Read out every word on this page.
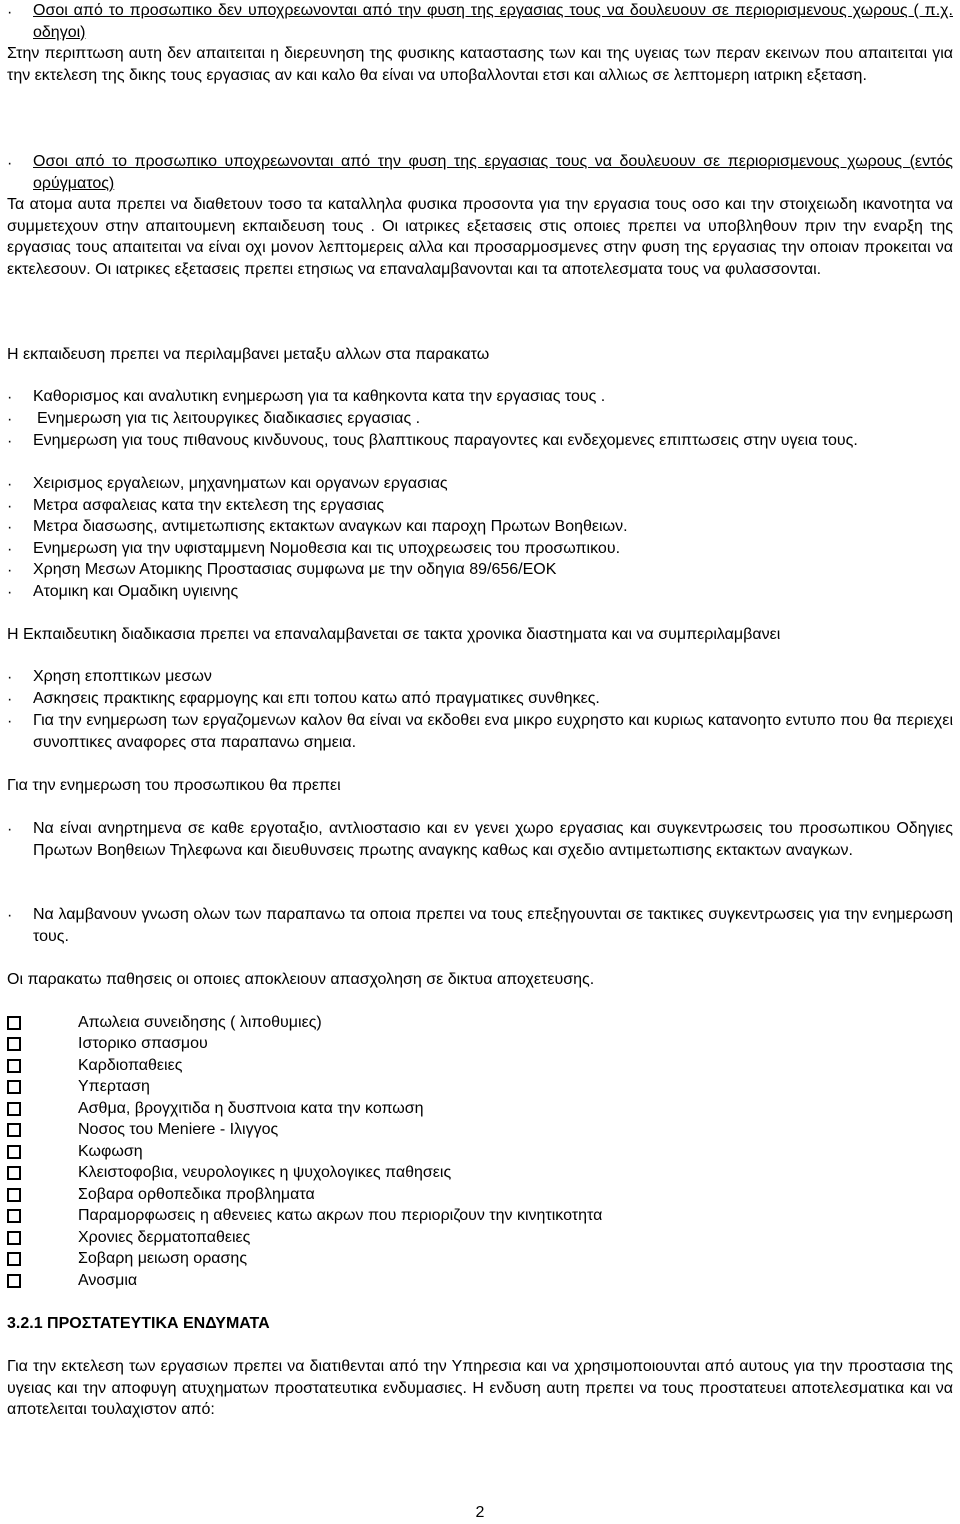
· Οσοι από το προσωπικο δεν υποχρεωνονται από την φυση της εργασιας τους να δουλευουν σε περιορισμενους χωρους ( π.χ. οδηγοι)

Στην περιπτωση αυτη δεν απαιτειται η διερευνηση της φυσικης καταστασης των και της υγειας των περαν εκεινων που απαιτειται για την εκτελεση της δικης τους εργασιας αν και καλο θα είναι να υποβαλλονται ετσι και αλλιως σε λεπτομερη ιατρικη εξεταση.

· Οσοι από το προσωπικο υποχρεωνονται από την φυση της εργασιας τους να δουλευουν σε περιορισμενους χωρους (εντός ορύγματος)

Τα ατομα αυτα πρεπει να διαθετουν τοσο τα καταλληλα φυσικα προσοντα για την εργασια τους οσο και την στοιχειωδη ικανοτητα να συμμετεχουν στην απαιτουμενη εκπαιδευση τους . Οι ιατρικες εξετασεις στις οποιες πρεπει να υποβληθουν πριν την εναρξη της εργασιας τους απαιτειται να είναι οχι μονον λεπτομερεις αλλα και προσαρμοσμενες στην φυση της εργασιας την οποιαν προκειται να εκτελεσουν. Οι ιατρικες εξετασεις πρεπει ετησιως να επαναλαμβανονται και τα αποτελεσματα τους να φυλασσονται.

Η εκπαιδευση πρεπει να περιλαμβανει μεταξυ αλλων στα παρακατω

· Καθορισμος και αναλυτικη ενημερωση για τα καθηκοντα κατα την εργασιας τους .

· Ενημερωση για τις λειτουργικες διαδικασιες εργασιας .

· Ενημερωση για τους πιθανους κινδυνους, τους βλαπτικους παραγοντες και ενδεχομενες επιπτωσεις στην υγεια τους.

· Χειρισμος εργαλειων, μηχανηματων και οργανων εργασιας

· Μετρα ασφαλειας κατα την εκτελεση της εργασιας

· Μετρα διασωσης, αντιμετωπισης εκτακτων αναγκων και παροχη Πρωτων Βοηθειων.

· Ενημερωση για την υφισταμμενη Νομοθεσια και τις υποχρεωσεις του προσωπικου.

· Χρηση Μεσων Ατομικης Προστασιας συμφωνα με την οδηγια 89/656/ΕΟΚ

· Ατομικη και Ομαδικη υγιεινης

Η Εκπαιδευτικη διαδικασια πρεπει να επαναλαμβανεται σε τακτα χρονικα διαστηματα και να συμπεριλαμβανει

· Χρηση εποπτικων μεσων

· Ασκησεις πρακτικης εφαρμογης και επι τοπου κατω από πραγματικες συνθηκες.

· Για την ενημερωση των εργαζομενων καλον θα είναι να εκδοθει ενα μικρο ευχρηστο και κυριως κατανοητο εντυπο που θα περιεχει συνοπτικες αναφορες στα παραπανω σημεια.

Για την ενημερωση του προσωπικου θα πρεπει

· Να είναι ανηρτημενα σε καθε εργοταξιο, αντλιοστασιο και εν γενει χωρο εργασιας και συγκεντρωσεις του προσωπικου Οδηγιες Πρωτων Βοηθειων Τηλεφωνα και διευθυνσεις πρωτης αναγκης καθως και σχεδιο αντιμετωπισης εκτακτων αναγκων.

· Να λαμβανουν γνωση ολων των παραπανω τα οποια πρεπει να τους επεξηγουνται σε τακτικες συγκεντρωσεις για την ενημερωση τους.

Οι παρακατω παθησεις οι οποιες αποκλειουν απασχοληση σε δικτυα αποχετευσης.

Απωλεια συνειδησης ( λιποθυμιες)

Ιστορικο σπασμου

Καρδιοπαθειες

Υπερταση

Ασθμα, βρογχιτιδα η δυσπνοια κατα την κοπωση

Νοσος του Meniere - Ιλιγγος

Κωφωση

Κλειστοφοβια, νευρολογικες η ψυχολογικες παθησεις

Σοβαρα ορθοπεδικα προβληματα

Παραμορφωσεις η αθενειες κατω ακρων που περιοριζουν την κινητικοτητα

Χρονιες δερματοπαθειες

Σοβαρη μειωση ορασης

Ανοσμια

3.2.1 ΠΡΟΣΤΑΤΕΥΤΙΚΑ ΕΝΔΥΜΑΤΑ

Για την εκτελεση των εργασιων πρεπει να διατιθενται από την Υπηρεσια και να χρησιμοποιουνται από αυτους για την προστασια της υγειας και την αποφυγη ατυχηματων προστατευτικα ενδυμασιες. Η ενδυση αυτη πρεπει να τους προστατευει αποτελεσματικα και να αποτελειται τουλαχιστον από:

2
